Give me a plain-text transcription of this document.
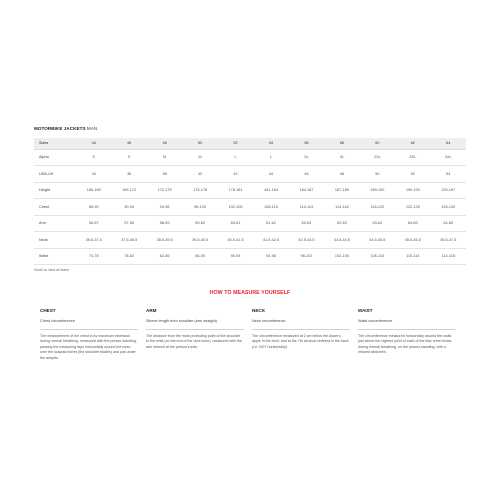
MOTORBIKE JACKETS MAN
Sizes	44	46	48	50	52	54	56	58	60	62	64
Alpha	S	S	M	M	L	L	XL	XL	2XL	3XL	4XL
USA-UK	34	36	38	40	42	44	46	48	50	52	54
Height	166-169	169-172	172-175	175-178	178-181	181-184	184-187	187-189	189-190	190-193	193-197
Chest	86-90	90-94	94-98	98-102	102-106	106-110	110-114	114-118	118-122	122-126	126-130
Arm	56-57	57-58	58-59	59-60	60-61	61-62	62-63	62-63	63-64	64-65	64-65
Neck	36.5-37.5	37.5-38.5	38.5-39.5	39.5-40.5	40.5-41.5	41.5-42.5	42.5-43.5	43.5-44.5	44.5-45.5	45.5-46.5	46.5-47.5
Waist	74-78	78-82	82-86	86-90	90-94	94-98	98-102	102-106	106-110	110-114	114-118
Scroll to view all sizes
HOW TO MEASURE YOURSELF
CHEST
Chest circumference
The measurement of the chest in its maximum extension during normal breathing, measured with the person standing, passing the measuring tape horizontally around the torso over the scapula bones (the shoulder blades) and just under the armpits.
ARM
Sleeve length from shoulder (arm straight)
The distance from the most protruding point of the shoulder to the wrist (on the end of the ulna bone), measured with the arm relaxed at the person's side.
NECK
Neck circumference
The circumference measured at 2 cm below the Adam's apple in the front, and at the 7th cervical vertebra in the back (i.e. NOT horizontally).
WAIST
Waist circumference
The circumference measured horizontally around the waist, just above the highest point of each of the iliac crest bones, during normal breathing, on the person standing, with a relaxed abdomen.
